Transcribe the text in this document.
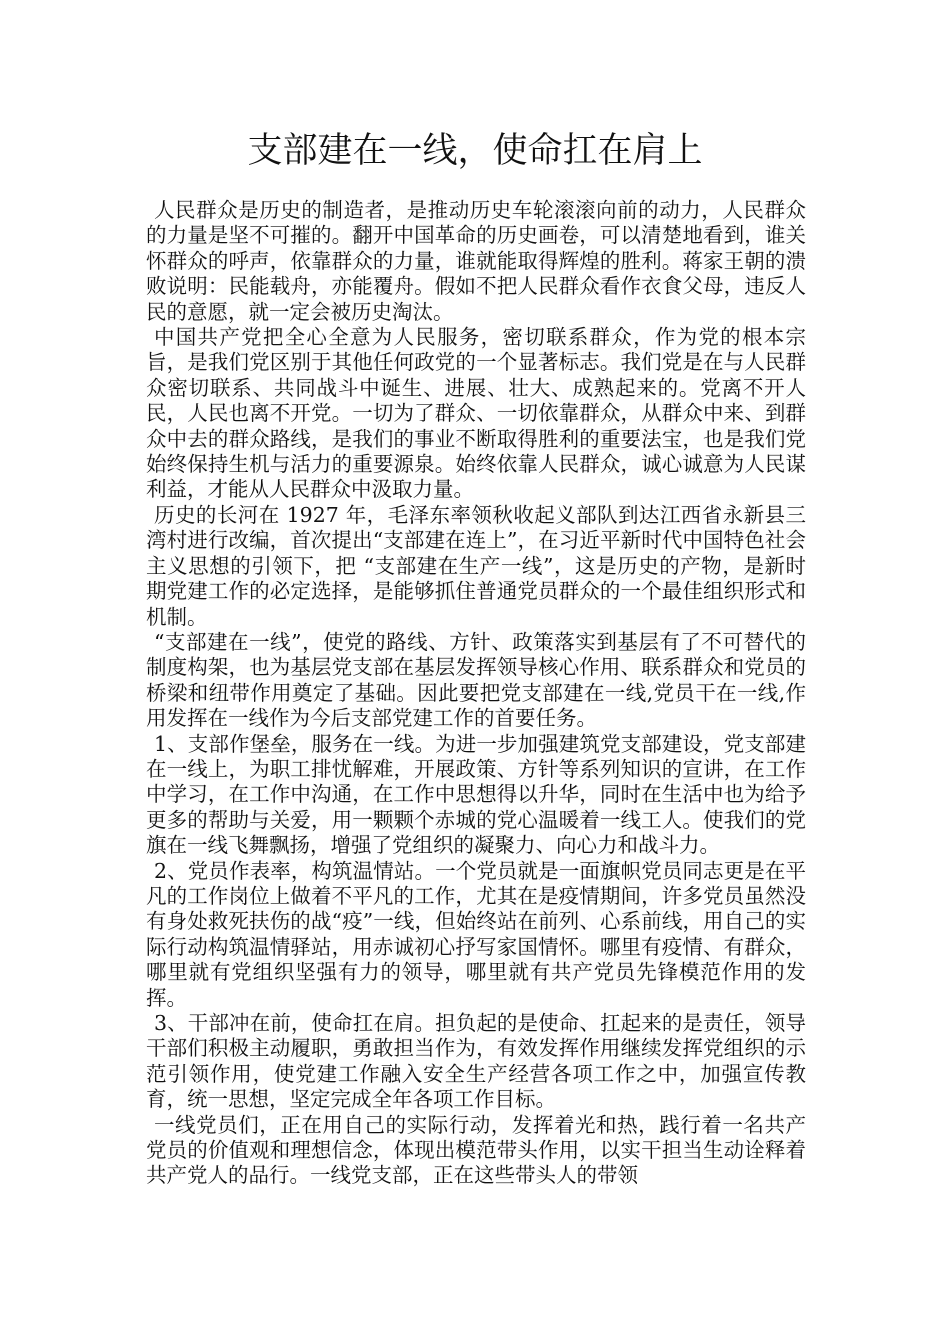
支部建在一线，使命扛在肩上

人民群众是历史的制造者，是推动历史车轮滚滚向前的动力，人民群众的力量是坚不可摧的。翻开中国革命的历史画卷，可以清楚地看到，谁关怀群众的呼声，依靠群众的力量，谁就能取得辉煌的胜利。蒋家王朝的溃败说明：民能载舟，亦能覆舟。假如不把人民群众看作衣食父母，违反人民的意愿，就一定会被历史淘汰。

中国共产党把全心全意为人民服务，密切联系群众，作为党的根本宗旨，是我们党区别于其他任何政党的一个显著标志。我们党是在与人民群众密切联系、共同战斗中诞生、进展、壮大、成熟起来的。党离不开人民，人民也离不开党。一切为了群众、一切依靠群众，从群众中来、到群众中去的群众路线，是我们的事业不断取得胜利的重要法宝，也是我们党始终保持生机与活力的重要源泉。始终依靠人民群众，诚心诚意为人民谋利益，才能从人民群众中汲取力量。

历史的长河在 1927 年，毛泽东率领秋收起义部队到达江西省永新县三湾村进行改编，首次提出“支部建在连上”，在习近平新时代中国特色社会主义思想的引领下，把 “支部建在生产一线”，这是历史的产物，是新时期党建工作的必定选择，是能够抓住普通党员群众的一个最佳组织形式和机制。

“支部建在一线”，使党的路线、方针、政策落实到基层有了不可替代的制度构架，也为基层党支部在基层发挥领导核心作用、联系群众和党员的桥梁和纽带作用奠定了基础。因此要把党支部建在一线,党员干在一线,作用发挥在一线作为今后支部党建工作的首要任务。

1、支部作堡垒，服务在一线。为进一步加强建筑党支部建设，党支部建在一线上，为职工排忧解难，开展政策、方针等系列知识的宣讲，在工作中学习，在工作中沟通，在工作中思想得以升华，同时在生活中也为给予更多的帮助与关爱，用一颗颗个赤城的党心温暖着一线工人。使我们的党旗在一线飞舞飘扬，增强了党组织的凝聚力、向心力和战斗力。

2、党员作表率，构筑温情站。一个党员就是一面旗帜党员同志更是在平凡的工作岗位上做着不平凡的工作，尤其在是疫情期间，许多党员虽然没有身处救死扶伤的战“疫”一线，但始终站在前列、心系前线，用自己的实际行动构筑温情驿站，用赤诚初心抒写家国情怀。哪里有疫情、有群众，哪里就有党组织坚强有力的领导，哪里就有共产党员先锋模范作用的发挥。

3、干部冲在前，使命扛在肩。担负起的是使命、扛起来的是责任，领导干部们积极主动履职，勇敢担当作为，有效发挥作用继续发挥党组织的示范引领作用，使党建工作融入安全生产经营各项工作之中，加强宣传教育，统一思想，坚定完成全年各项工作目标。

一线党员们，正在用自己的实际行动，发挥着光和热，践行着一名共产党员的价值观和理想信念，体现出模范带头作用，以实干担当生动诠释着共产党人的品行。一线党支部，正在这些带头人的带领
